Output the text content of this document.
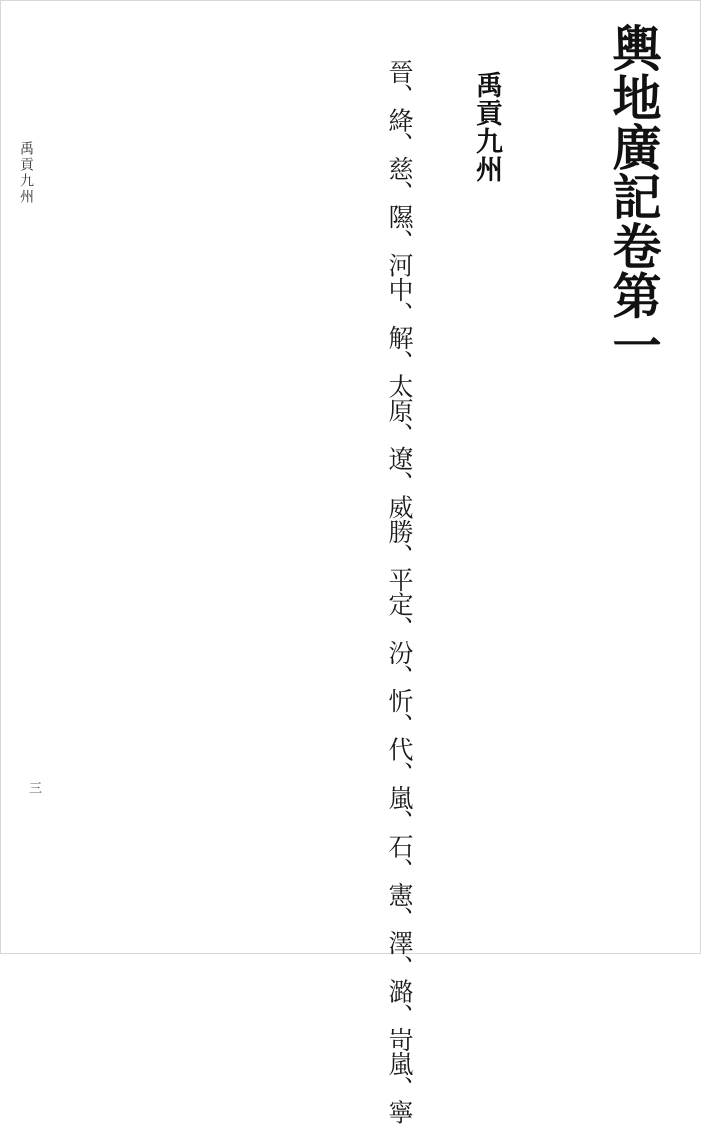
禹貢九州
三
輿地廣記卷第一
禹貢九州
晉、絳、慈、隰、河中、解、太原、遼、威勝、平定、汾、忻、代、嵐、石、憲、澤、潞、岢嵐、寧
